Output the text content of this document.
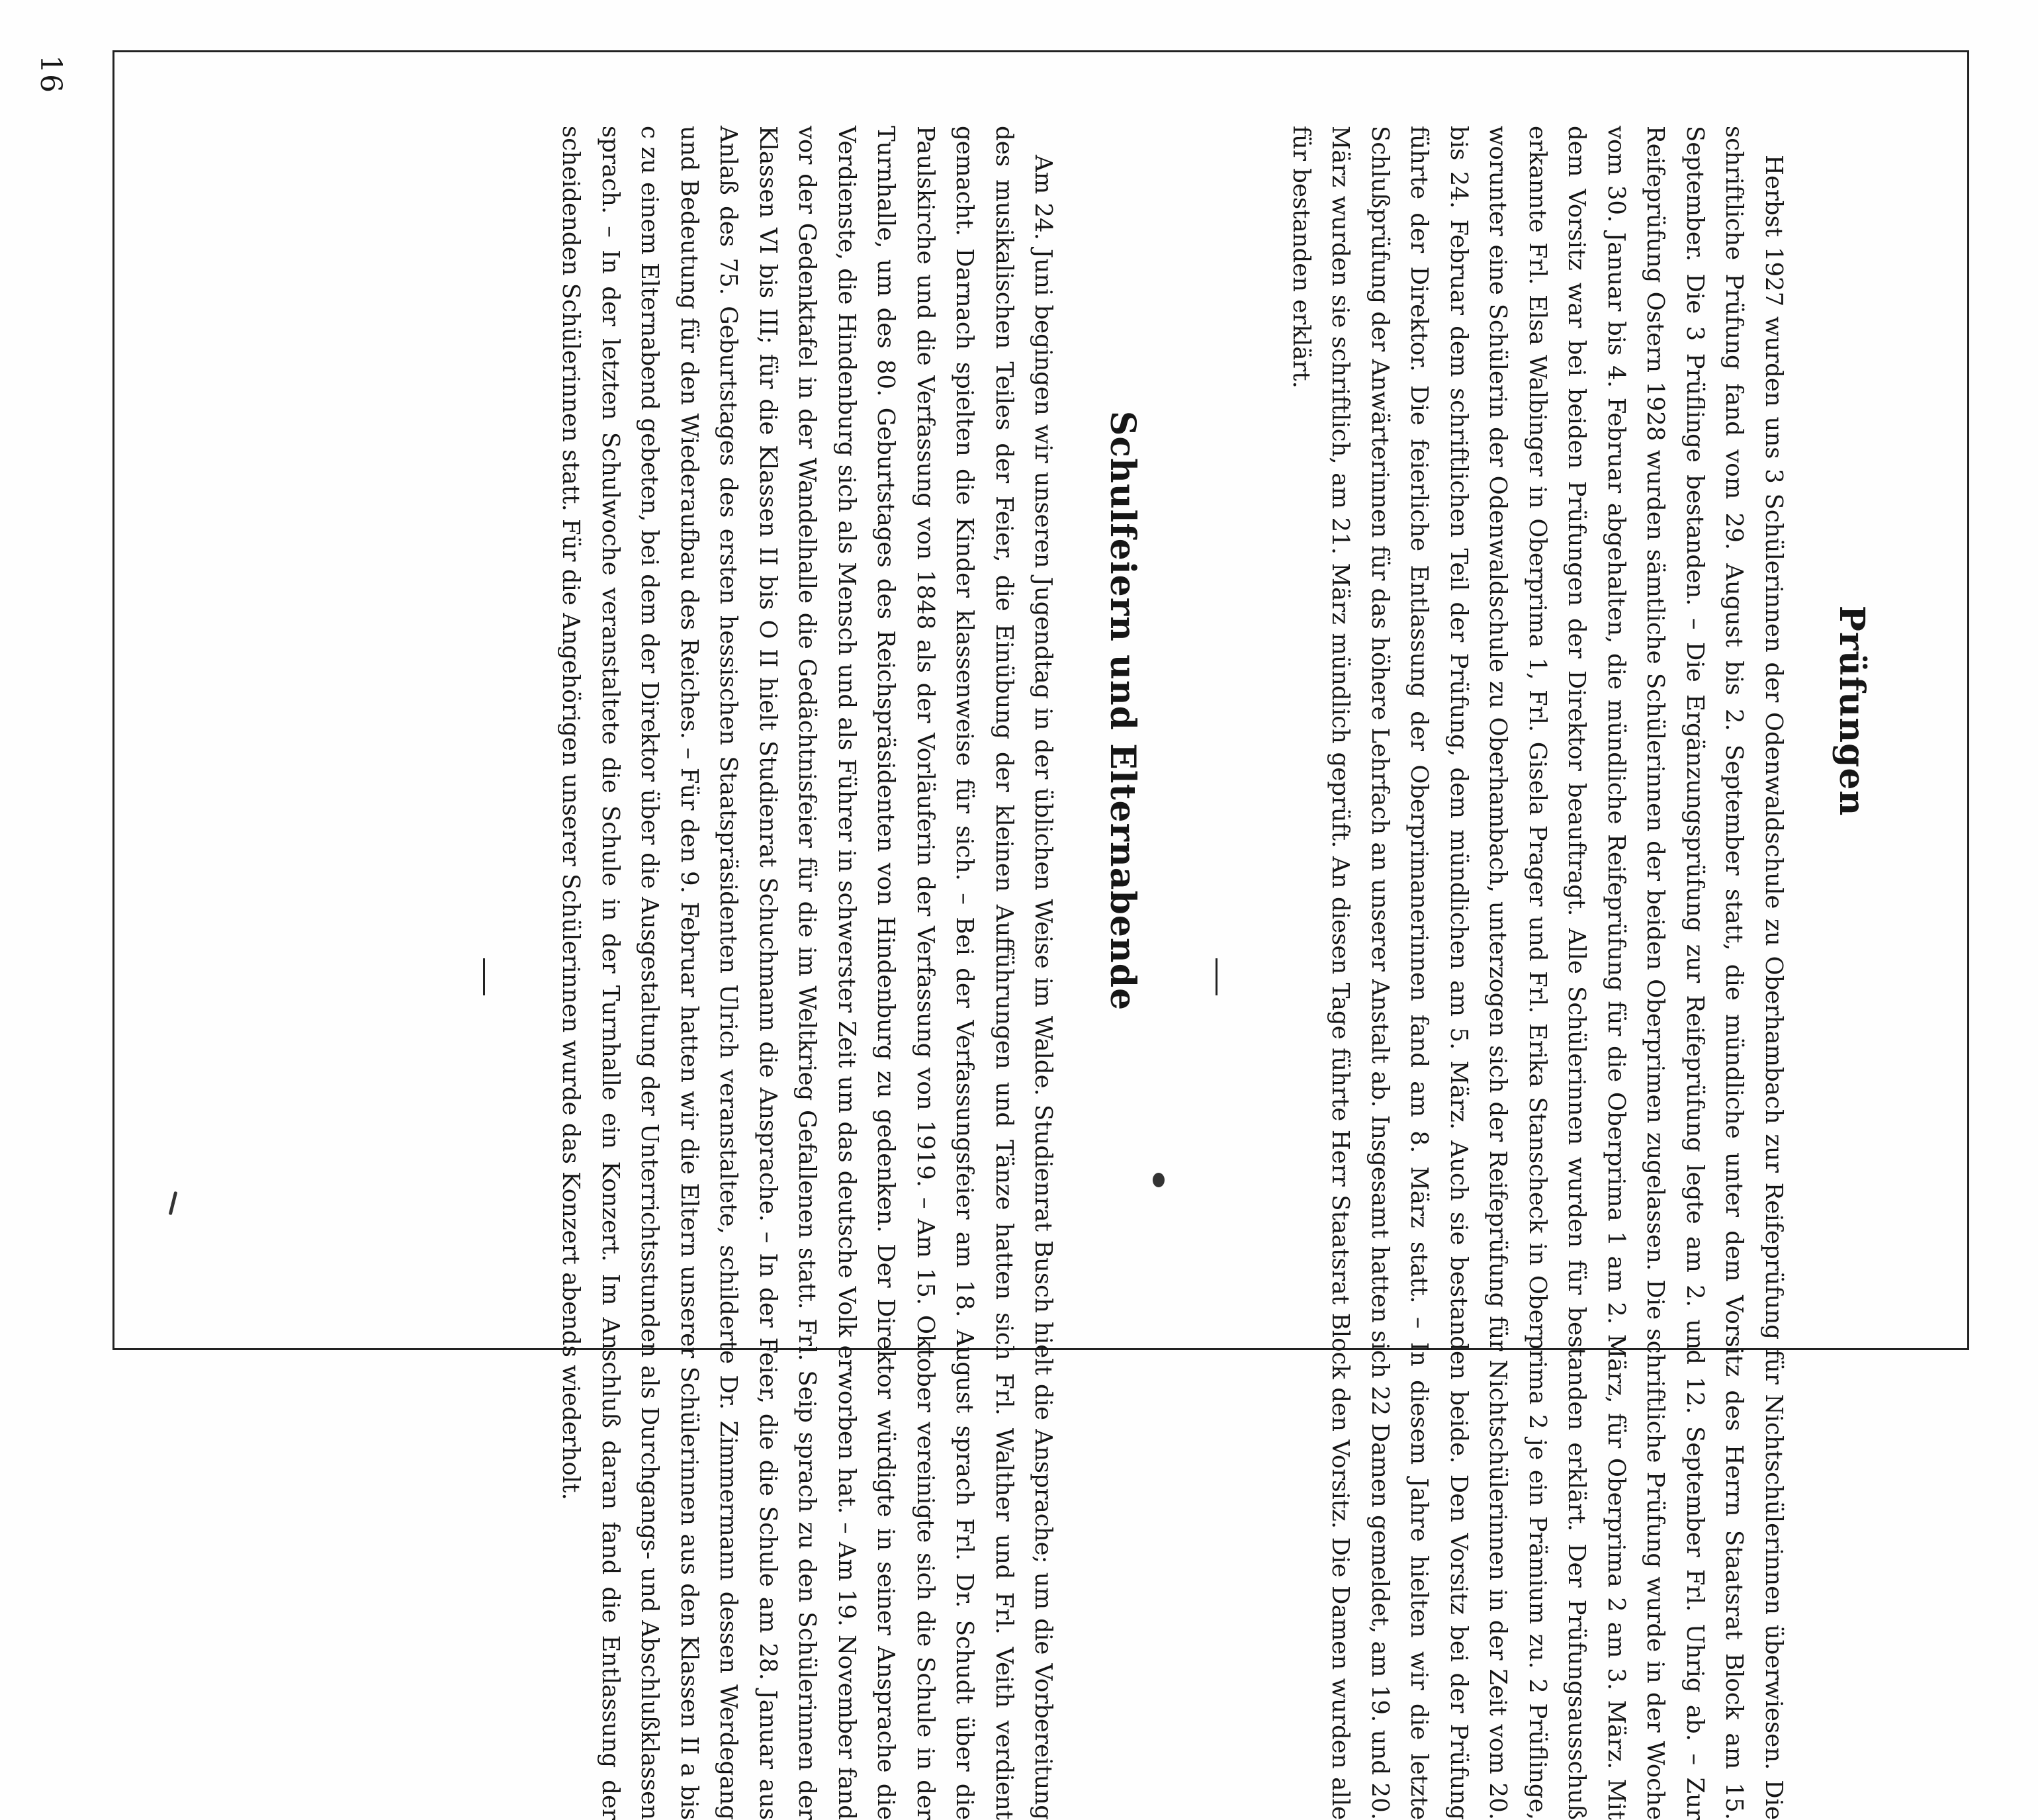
16
Prüfungen

Herbst 1927 wurden uns 3 Schülerinnen der Odenwaldschule zu Oberhambach zur Reifeprüfung für Nichtschülerinnen überwiesen. Die schriftliche Prüfung fand vom 29. August bis 2. September statt, die mündliche unter dem Vorsitz des Herrn Staatsrat Block am 15. September. Die 3 Prüflinge bestanden. – Die Ergänzungsprüfung zur Reifeprüfung legte am 2. und 12. September Frl. Uhrig ab. – Zur Reifeprüfung Ostern 1928 wurden sämtliche Schülerinnen der beiden Oberprimen zugelassen. Die schriftliche Prüfung wurde in der Woche vom 30. Januar bis 4. Februar abgehalten, die mündliche Reifeprüfung für die Oberprima 1 am 2. März, für Oberprima 2 am 3. März. Mit dem Vorsitz war bei beiden Prüfungen der Direktor beauftragt. Alle Schülerinnen wurden für bestanden erklärt. Der Prüfungsausschuß erkannte Frl. Elsa Walbinger in Oberprima 1, Frl. Gisela Prager und Frl. Erika Stanscheck in Oberprima 2 je ein Prämium zu. 2 Prüflinge, worunter eine Schülerin der Odenwaldschule zu Oberhambach, unterzogen sich der Reifeprüfung für Nichtschülerinnen in der Zeit vom 20. bis 24. Februar dem schriftlichen Teil der Prüfung, dem mündlichen am 5. März. Auch sie bestanden beide. Den Vorsitz bei der Prüfung führte der Direktor. Die feierliche Entlassung der Oberprimanerinnen fand am 8. März statt. – In diesem Jahre hielten wir die letzte Schlußprüfung der Anwärterinnen für das höhere Lehrfach an unserer Anstalt ab. Insgesamt hatten sich 22 Damen gemeldet, am 19. und 20. März wurden sie schriftlich, am 21. März mündlich geprüft. An diesen Tage führte Herr Staatsrat Block den Vorsitz. Die Damen wurden alle für bestanden erklärt.

Schulfeiern und Elternabende

Am 24. Juni begingen wir unseren Jugendtag in der üblichen Weise im Walde. Studienrat Busch hielt die Ansprache; um die Vorbereitung des musikalischen Teiles der Feier, die Einübung der kleinen Aufführungen und Tänze hatten sich Frl. Walther und Frl. Veith verdient gemacht. Darnach spielten die Kinder klassenweise für sich. – Bei der Verfassungsfeier am 18. August sprach Frl. Dr. Schudt über die Paulskirche und die Verfassung von 1848 als der Vorläuferin der Verfassung von 1919. – Am 15. Oktober vereinigte sich die Schule in der Turnhalle, um des 80. Geburtstages des Reichspräsidenten von Hindenburg zu gedenken. Der Direktor würdigte in seiner Ansprache die Verdienste, die Hindenburg sich als Mensch und als Führer in schwerster Zeit um das deutsche Volk erworben hat. – Am 19. November fand vor der Gedenktafel in der Wandelhalle die Gedächtnisfeier für die im Weltkrieg Gefallenen statt. Frl. Seip sprach zu den Schülerinnen der Klassen VI bis III; für die Klassen II bis O II hielt Studienrat Schuchmann die Ansprache. – In der Feier, die die Schule am 28. Januar aus Anlaß des 75. Geburtstages des ersten hessischen Staatspräsidenten Ulrich veranstaltete, schilderte Dr. Zimmermann dessen Werdegang und Bedeutung für den Wiederaufbau des Reiches. – Für den 9. Februar hatten wir die Eltern unserer Schülerinnen aus den Klassen II a bis c zu einem Elternabend gebeten, bei dem der Direktor über die Ausgestaltung der Unterrichtsstunden als Durchgangs- und Abschlußklassen sprach. – In der letzten Schulwoche veranstaltete die Schule in der Turnhalle ein Konzert. Im Anschluß daran fand die Entlassung der scheidenden Schülerinnen statt. Für die Angehörigen unserer Schülerinnen wurde das Konzert abends wiederholt.
